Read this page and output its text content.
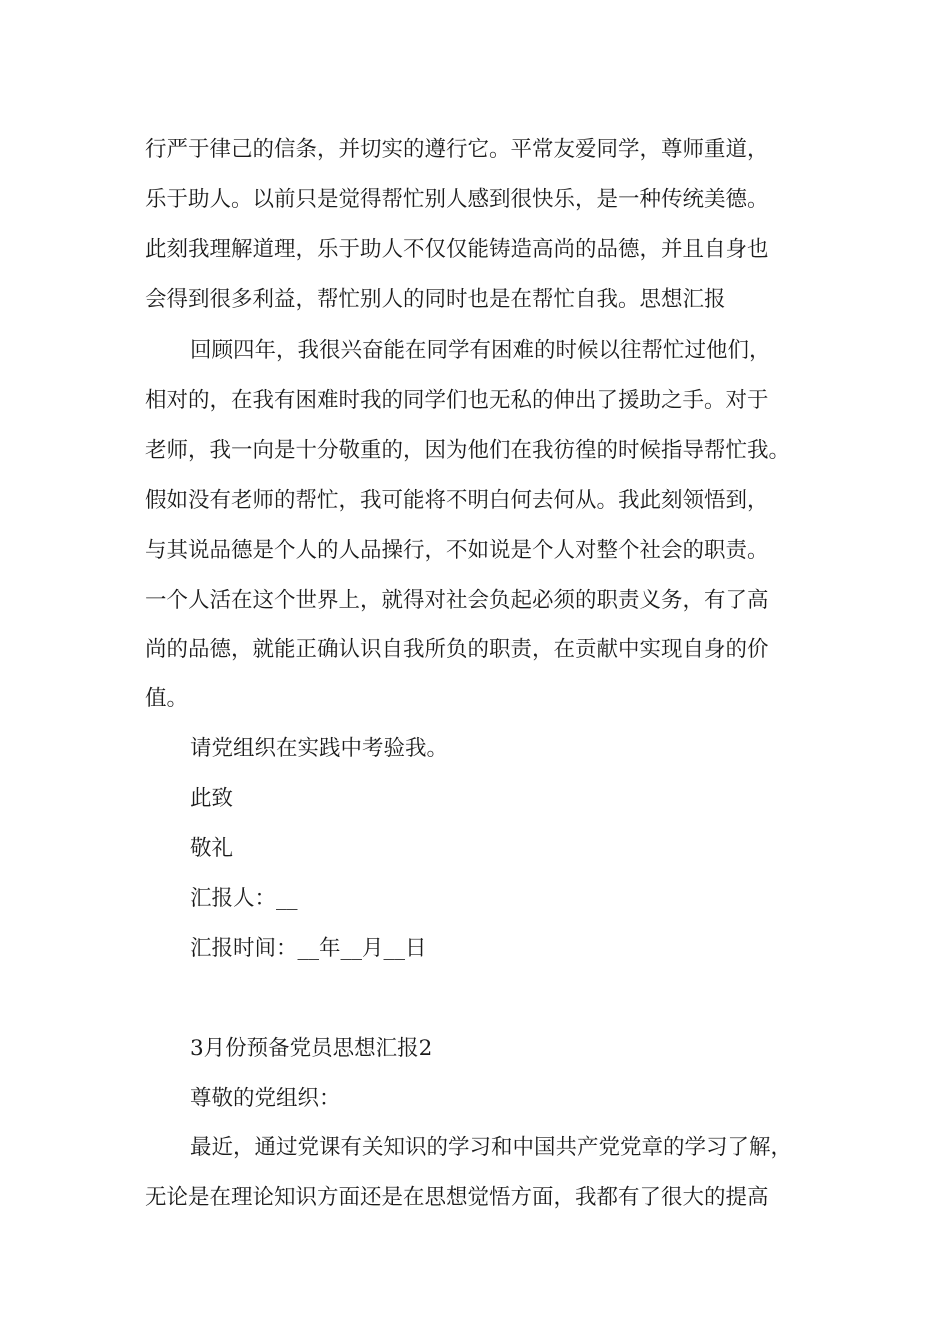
行严于律己的信条，并切实的遵行它。平常友爱同学，尊师重道，
乐于助人。以前只是觉得帮忙别人感到很快乐，是一种传统美德。
此刻我理解道理，乐于助人不仅仅能铸造高尚的品德，并且自身也
会得到很多利益，帮忙别人的同时也是在帮忙自我。思想汇报
回顾四年，我很兴奋能在同学有困难的时候以往帮忙过他们，
相对的，在我有困难时我的同学们也无私的伸出了援助之手。对于
老师，我一向是十分敬重的，因为他们在我彷徨的时候指导帮忙我。
假如没有老师的帮忙，我可能将不明白何去何从。我此刻领悟到，
与其说品德是个人的人品操行，不如说是个人对整个社会的职责。
一个人活在这个世界上，就得对社会负起必须的职责义务，有了高
尚的品德，就能正确认识自我所负的职责，在贡献中实现自身的价
值。
请党组织在实践中考验我。
此致
敬礼
汇报人：__
汇报时间：__年__月__日
3月份预备党员思想汇报2
尊敬的党组织：
最近，通过党课有关知识的学习和中国共产党党章的学习了解，
无论是在理论知识方面还是在思想觉悟方面，我都有了很大的提高
